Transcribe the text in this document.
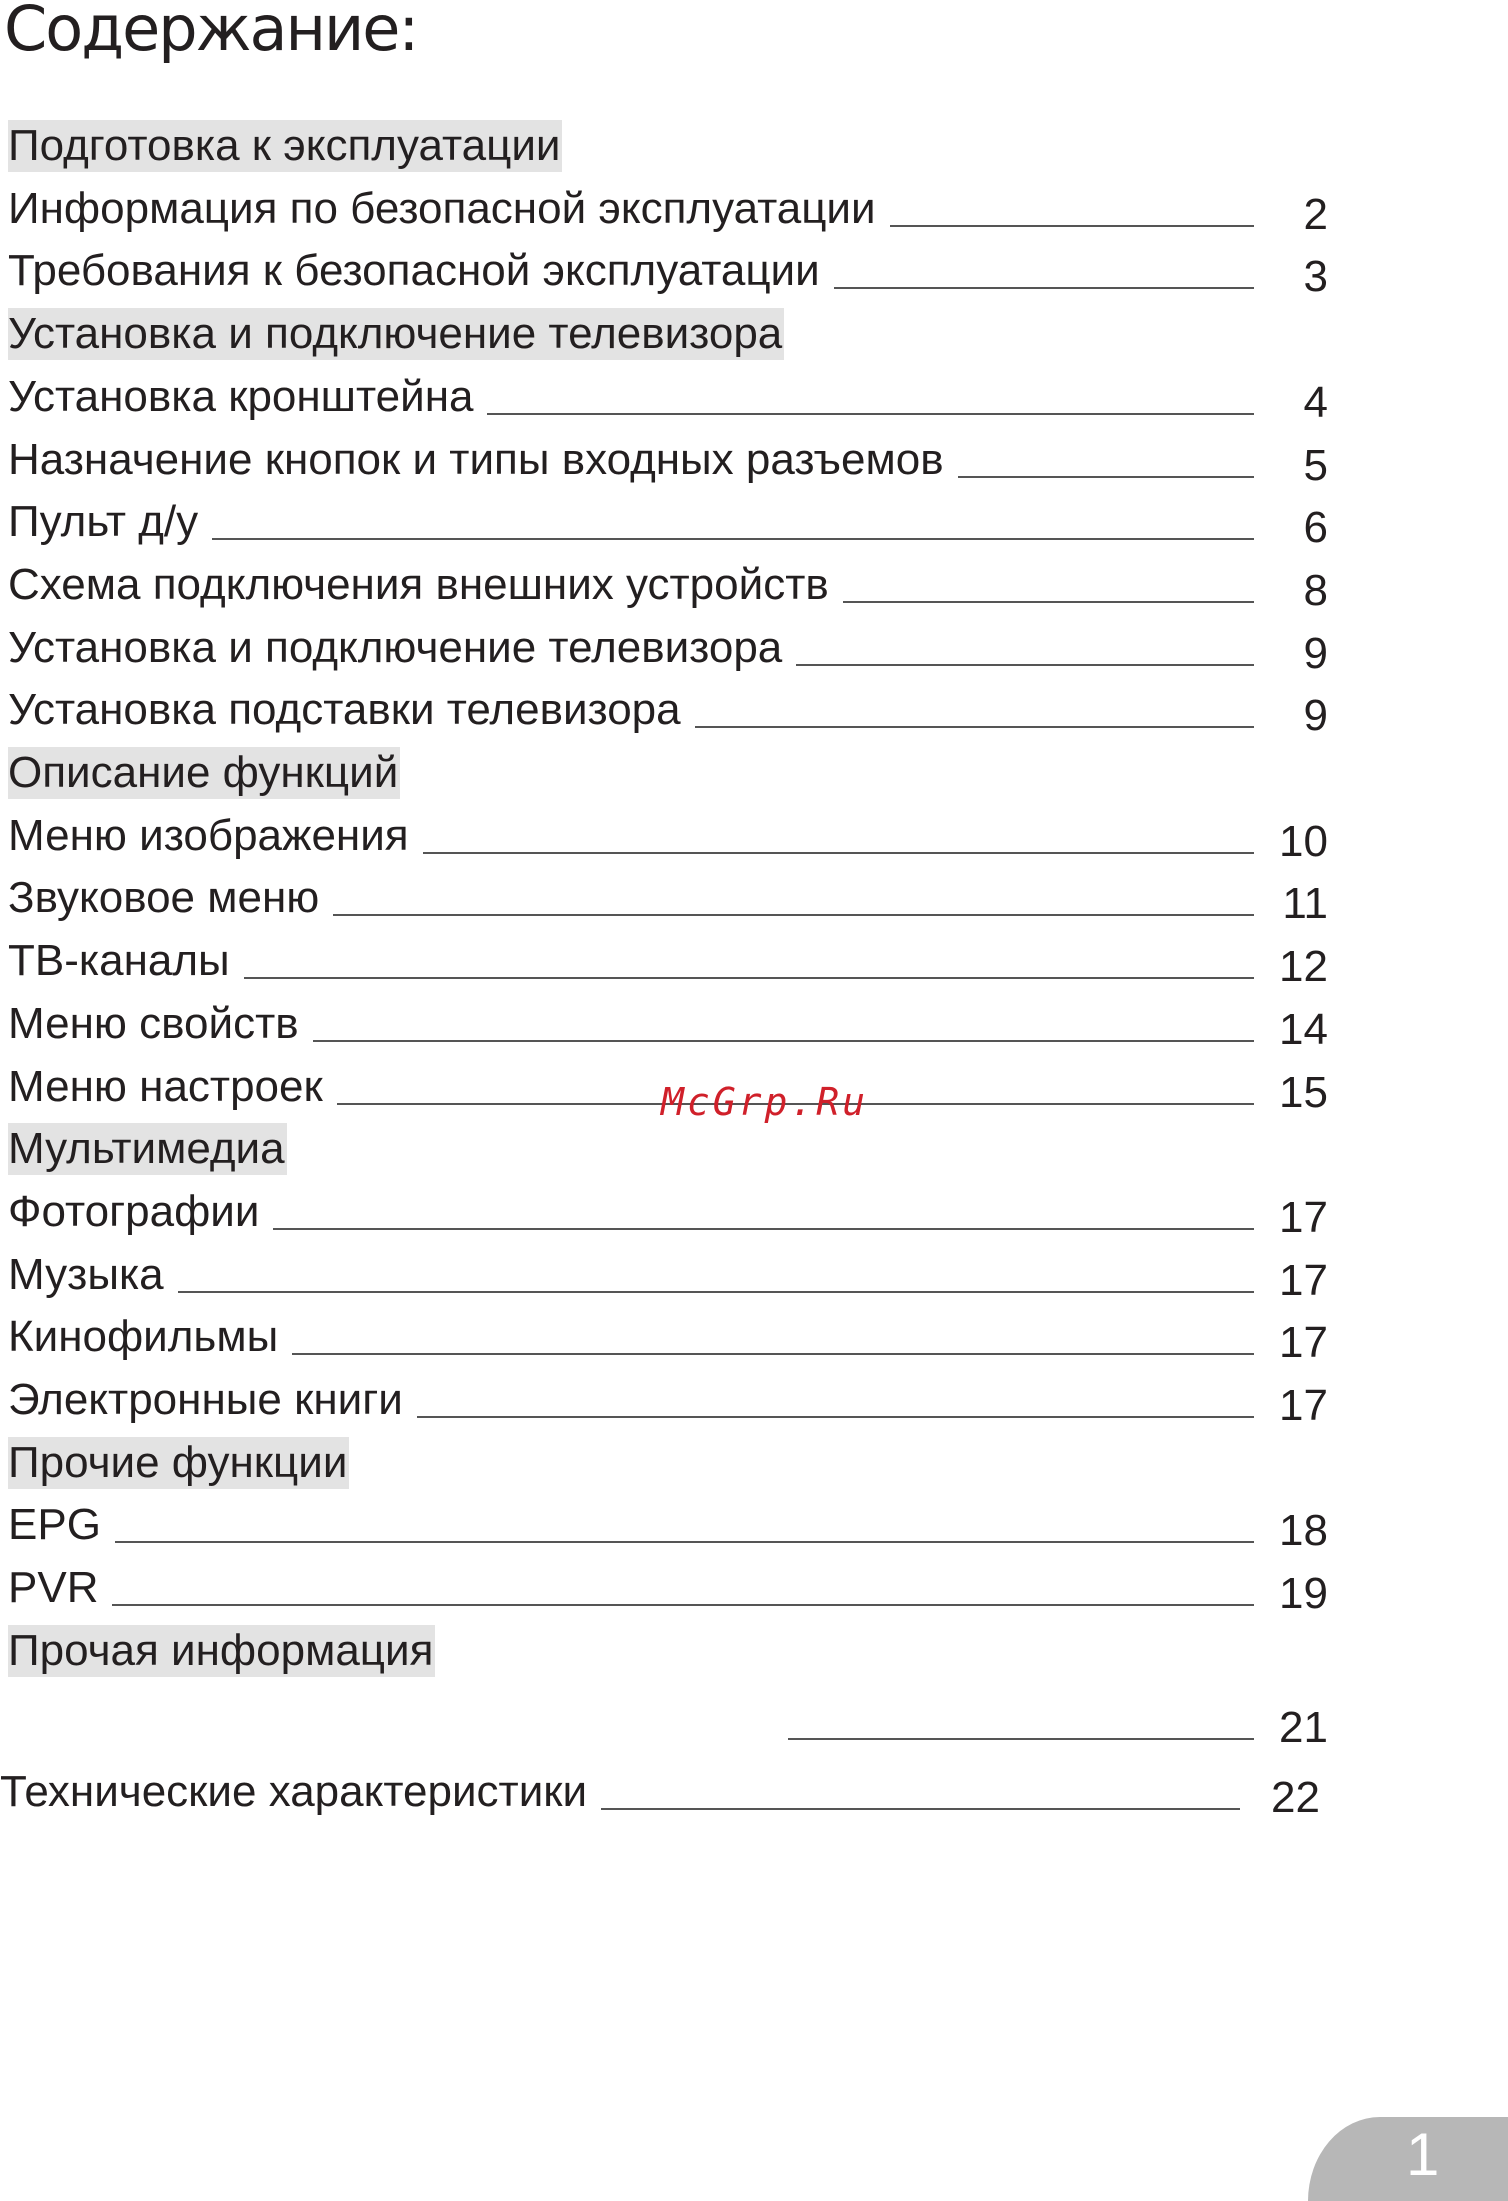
Содержание:
Подготовка к эксплуатации
Информация по безопасной эксплуатации	2
Требования к безопасной эксплуатации	3
Установка и подключение телевизора
Установка кронштейна	4
Назначение кнопок и типы входных разъемов	5
Пульт д/у	6
Схема подключения внешних устройств	8
Установка и подключение телевизора	9
Установка подставки телевизора	9
Описание функций
Меню изображения	10
Звуковое меню	11
ТВ-каналы	12
Меню свойств	14
Меню настроек	15
Мультимедиа
Фотографии	17
Музыка	17
Кинофильмы	17
Электронные книги	17
Прочие функции
EPG	18
PVR	19
Прочая информация
21
Технические характеристики	22
McGrp.Ru
1
